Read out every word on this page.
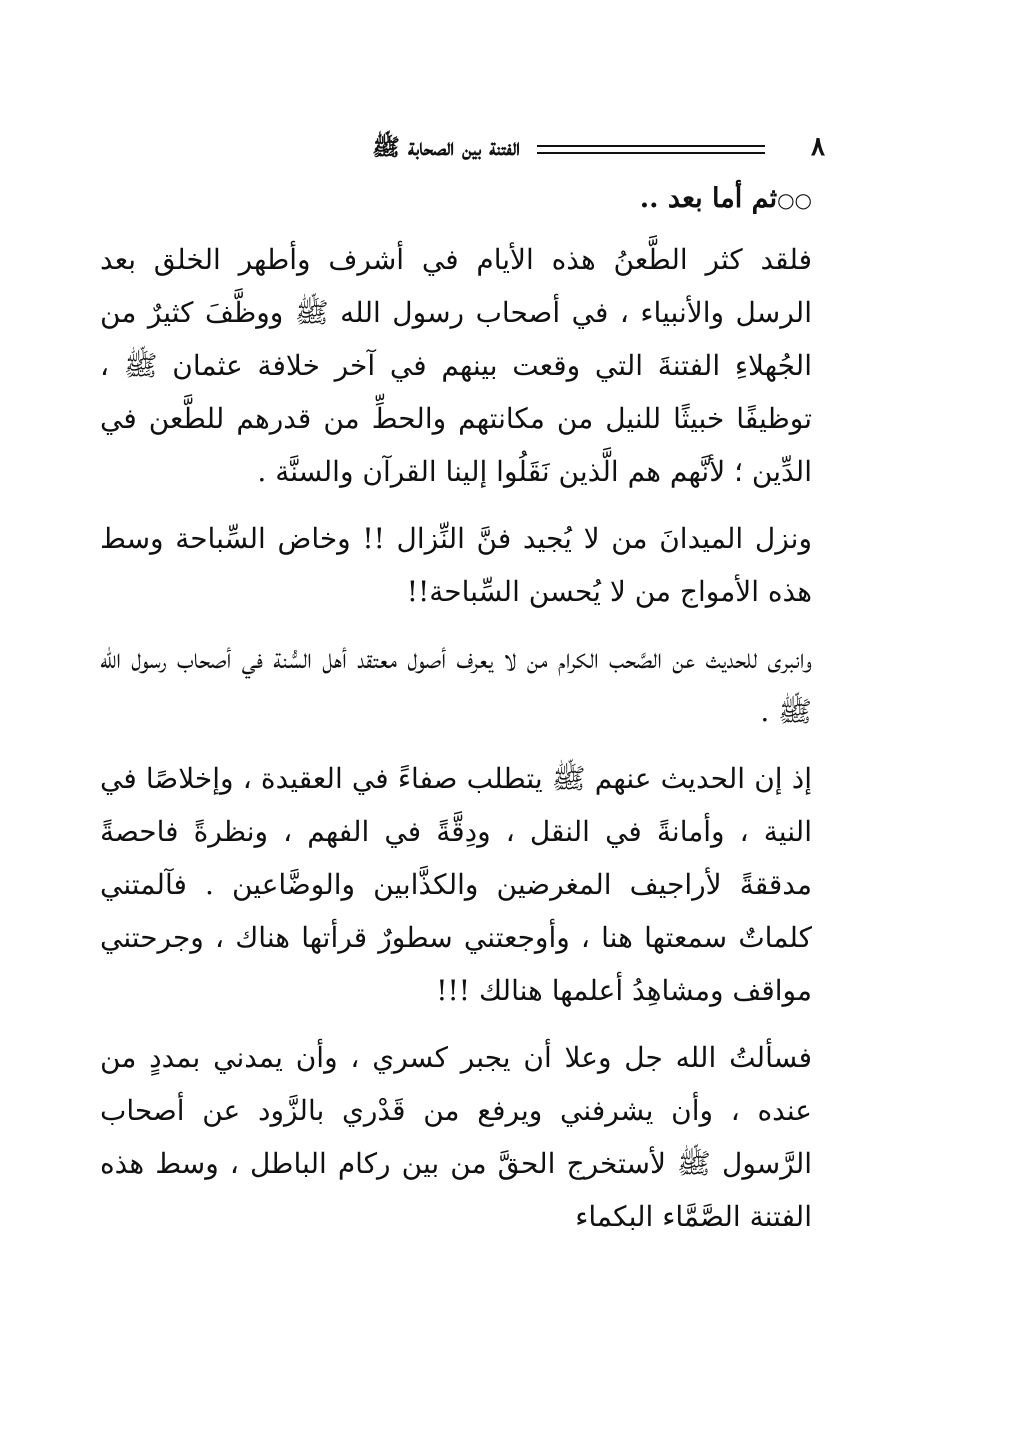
٨
الفتنة بين الصحابة ﷺ

○○ثم أما بعد ..

فلقد كثر الطَّعنُ هذه الأيام في أشرف وأطهر الخلق بعد الرسل والأنبياء ، في أصحاب رسول الله ﷺ ووظَّفَ كثيرٌ من الجُهلاءِ الفتنةَ التي وقعت بينهم في آخر خلافة عثمان ﷺ ، توظيفًا خبيثًا للنيل من مكانتهم والحطِّ من قدرهم للطَّعن في الدِّين ؛ لأنَّهم هم الَّذين نَقَلُوا إلينا القرآن والسنَّة .

ونزل الميدانَ من لا يُجيد فنَّ النِّزال !! وخاض السِّباحة وسط هذه الأمواج من لا يُحسن السِّباحة!!

وانبرى للحديث عن الصَّحب الكرام من لا يعرف أصول معتقد أهل السُّنة في أصحاب رسول الله ﷺ .

إذ إن الحديث عنهم ﷺ يتطلب صفاءً في العقيدة ، وإخلاصًا في النية ، وأمانةً في النقل ، ودِقَّةً في الفهم ، ونظرةً فاحصةً مدققةً لأراجيف المغرضين والكذَّابين والوضَّاعين . فآلمتني كلماتٌ سمعتها هنا ، وأوجعتني سطورٌ قرأتها هناك ، وجرحتني مواقف ومشاهِدُ أعلمها هنالك !!!

فسألتُ الله جل وعلا أن يجبر كسري ، وأن يمدني بمددٍ من عنده ، وأن يشرفني ويرفع من قَدْري بالزَّود عن أصحاب الرَّسول ﷺ لأستخرج الحقَّ من بين ركام الباطل ، وسط هذه الفتنة الصَّمَّاء البكماء
